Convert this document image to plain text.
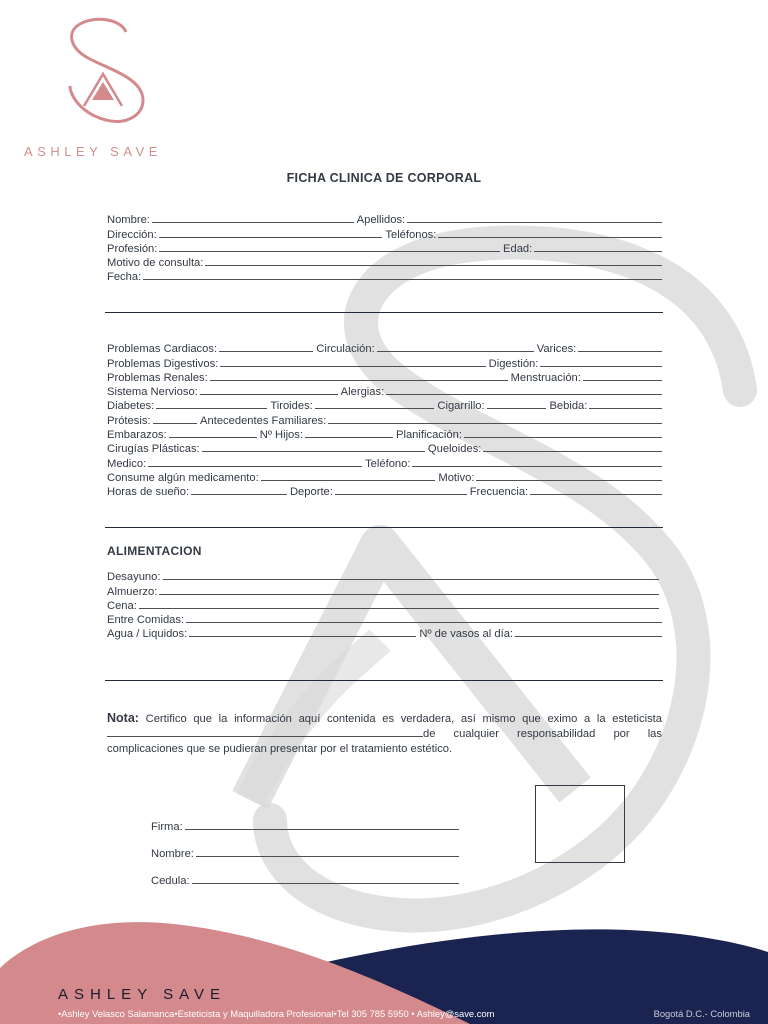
ASHLEY SAVE
FICHA CLINICA DE CORPORAL
Nombre:	Apellidos:
Dirección:	Teléfonos:
Profesión:	Edad:
Motivo de consulta:
Fecha:
Problemas Cardiacos:	Circulación:	Varices:
Problemas Digestivos:	Digestión:
Problemas Renales:	Menstruación:
Sistema Nervioso:	Alergias:
Diabetes:	Tiroides:	Cigarrillo:	Bebida:
Prótesis:	Antecedentes Familiares:
Embarazos:	Nº Hijos:	Planificación:
Cirugías Plásticas:	Queloides:
Medico:	Teléfono:
Consume algún medicamento:	Motivo:
Horas de sueño:	Deporte:	Frecuencia:
ALIMENTACION
Desayuno:
Almuerzo:
Cena:
Entre Comidas:
Agua / Liquidos:	Nº de vasos al día:
Nota: Certifico que la información aquí contenida es verdadera, así mismo que eximo a la esteticista de cualquier responsabilidad por las complicaciones que se pudieran presentar por el tratamiento estético.
Firma:
Nombre:
Cedula:
ASHLEY SAVE
•Ashley Velasco Salamanca•Esteticista y Maquilladora Profesional•Tel 305 785 5950 • Ashley@save.com	Bogotá D.C.- Colombia
